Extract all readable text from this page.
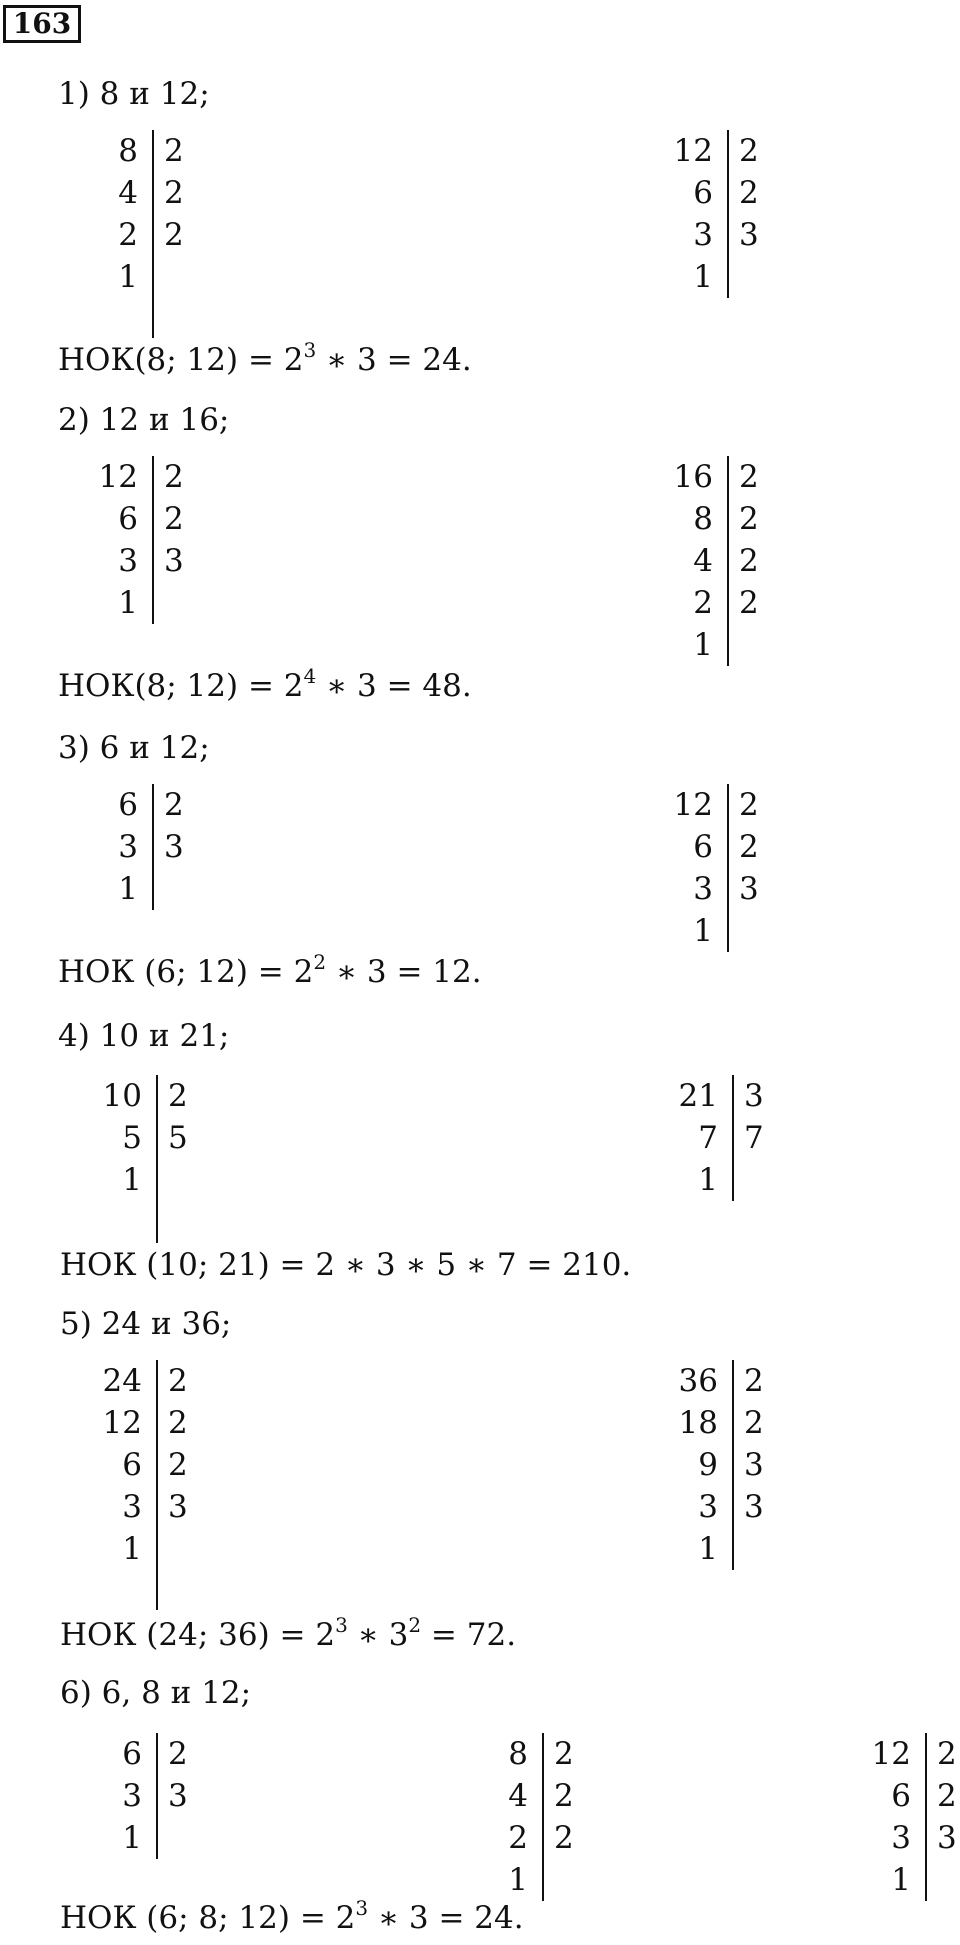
163
1) 8 и 12;
8
4
2
1
2
2
2
12
6
3
1
2
2
3
НОК(8; $12) = 2^3$ ∗ 3 = 24.
2) 12 и 16;
12
6
3
1
2
2
3
16
8
4
2
1
2
2
2
2
НОК(8; $12) = 2^4$ ∗ 3 = 48.
3) 6 и 12;
6
3
1
2
3
12
6
3
1
2
2
3
НОК (6; $12) = 2^2$ ∗ 3 = 12.
4) 10 и 21;
10
5
1
2
5
21
7
1
3
7
НОК (10; 21) = 2 ∗ 3 ∗ 5 ∗ 7 = 210.
5) 24 и 36;
24
12
6
3
1
2
2
2
3
36
18
9
3
1
2
2
3
3
НОК (24; $36) = 2^3$ ∗ $3^2 = 72$.
6) 6, 8 и 12;
6
3
1
2
3
8
4
2
1
2
2
2
12
6
3
1
2
2
3
НОК (6; 8; $12) = 2^3$ ∗ 3 = 24.
